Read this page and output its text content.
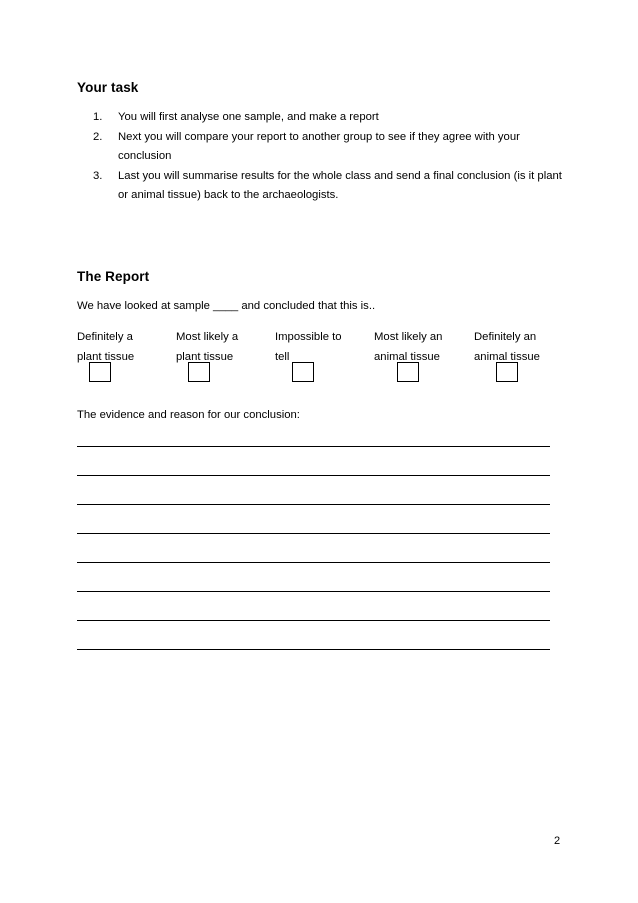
Your task
1.	You will first analyse one sample, and make a report
2.	Next you will compare your report to another group to see if they agree with your conclusion
3.	Last you will summarise results for the whole class and send a final conclusion (is it plant or animal tissue) back to the archaeologists.
The Report
We have looked at sample ____ and concluded that this is..
Definitely a
plant tissue
Most likely a
plant tissue
Impossible to
tell
Most likely an
animal tissue
Definitely an
animal tissue
The evidence and reason for our conclusion:
2
